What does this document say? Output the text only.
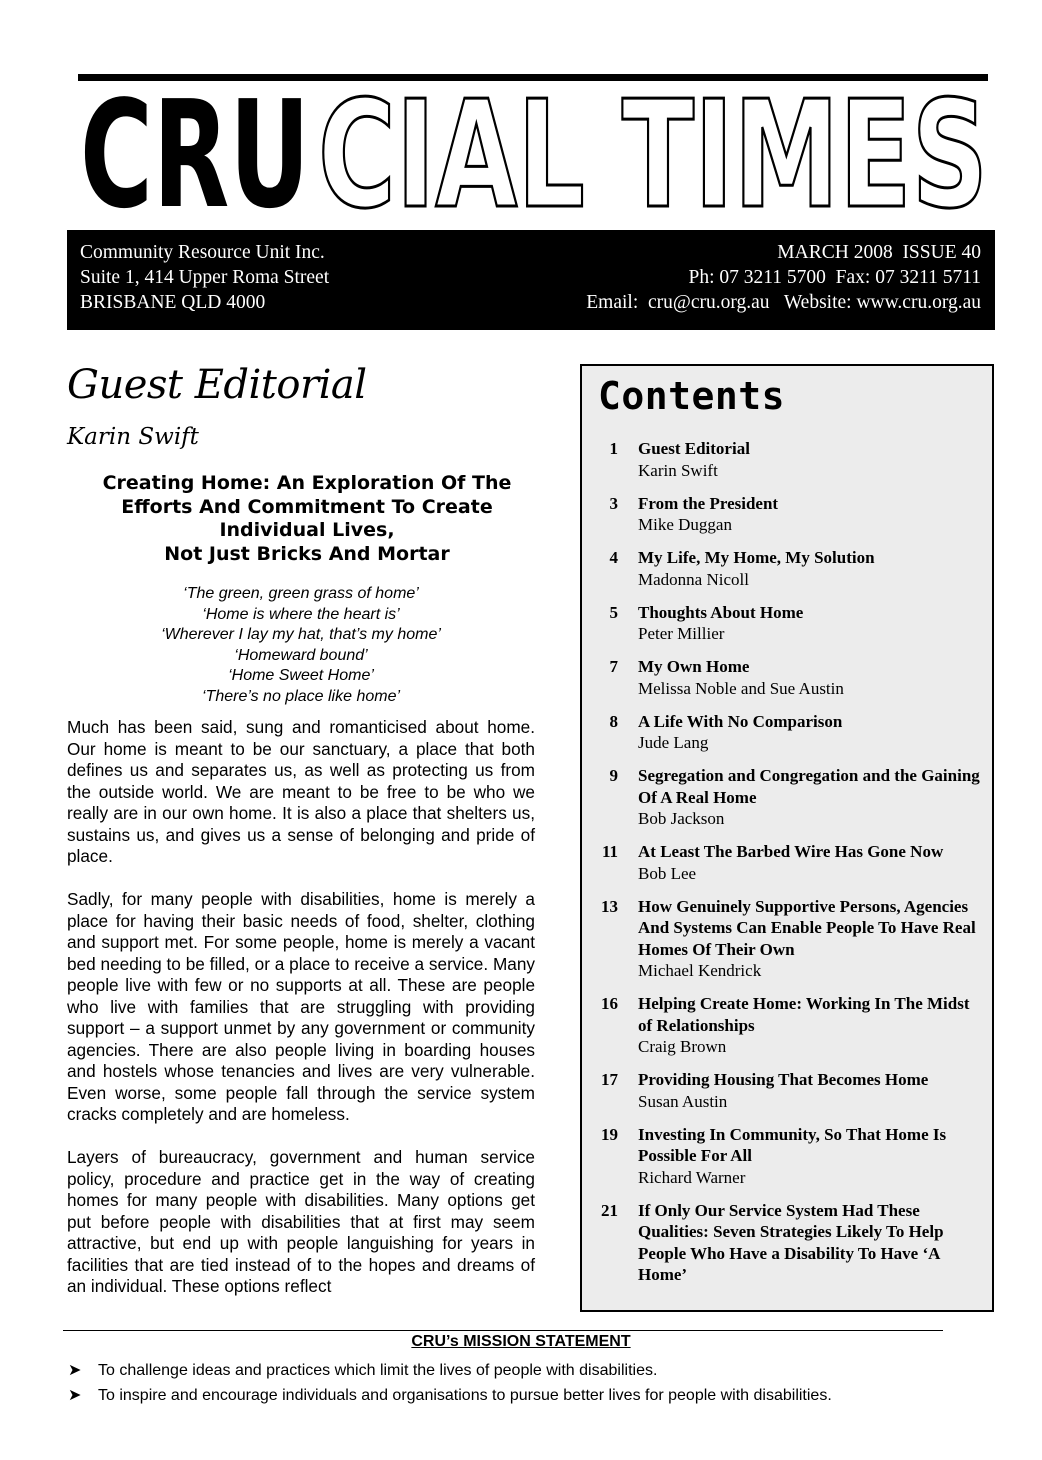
CRU CIAL TIMES
Community Resource Unit Inc.
Suite 1, 414 Upper Roma Street
BRISBANE QLD 4000
MARCH 2008  ISSUE 40
Ph: 07 3211 5700  Fax: 07 3211 5711
Email:  cru@cru.org.au   Website: www.cru.org.au
Guest Editorial
Karin Swift
Creating Home: An Exploration Of The
Efforts And Commitment To Create
Individual Lives,
Not Just Bricks And Mortar
‘The green, green grass of home’
‘Home is where the heart is’
‘Wherever I lay my hat, that’s my home’
‘Homeward bound’
‘Home Sweet Home’
‘There’s no place like home’

Much has been said, sung and romanticised about home. Our home is meant to be our sanctuary, a place that both defines us and separates us, as well as protecting us from the outside world. We are meant to be free to be who we really are in our own home. It is also a place that shelters us, sustains us, and gives us a sense of belonging and pride of place.

Sadly, for many people with disabilities, home is merely a place for having their basic needs of food, shelter, clothing and support met. For some people, home is merely a vacant bed needing to be filled, or a place to receive a service. Many people live with few or no supports at all. These are people who live with families that are struggling with providing support – a support unmet by any government or community agencies. There are also people living in boarding houses and hostels whose tenancies and lives are very vulnerable. Even worse, some people fall through the service system cracks completely and are homeless.

Layers of bureaucracy, government and human service policy, procedure and practice get in the way of creating homes for many people with disabilities. Many options get put before people with disabilities that at first may seem attractive, but end up with people languishing for years in facilities that are tied instead of to the hopes and dreams of an individual. These options reflect

Contents
1 Guest Editorial
Karin Swift
3 From the President
Mike Duggan
4 My Life, My Home, My Solution
Madonna Nicoll
5 Thoughts About Home
Peter Millier
7 My Own Home
Melissa Noble and Sue Austin
8 A Life With No Comparison
Jude Lang
9 Segregation and Congregation and the Gaining Of A Real Home
Bob Jackson
11 At Least The Barbed Wire Has Gone Now
Bob Lee
13 How Genuinely Supportive Persons, Agencies And Systems Can Enable People To Have Real Homes Of Their Own
Michael Kendrick
16 Helping Create Home: Working In The Midst of Relationships
Craig Brown
17 Providing Housing That Becomes Home
Susan Austin
19 Investing In Community, So That Home Is Possible For All
Richard Warner
21 If Only Our Service System Had These Qualities: Seven Strategies Likely To Help People Who Have a Disability To Have ‘A Home’
CRU’s MISSION STATEMENT
➤ To challenge ideas and practices which limit the lives of people with disabilities.
➤ To inspire and encourage individuals and organisations to pursue better lives for people with disabilities.
